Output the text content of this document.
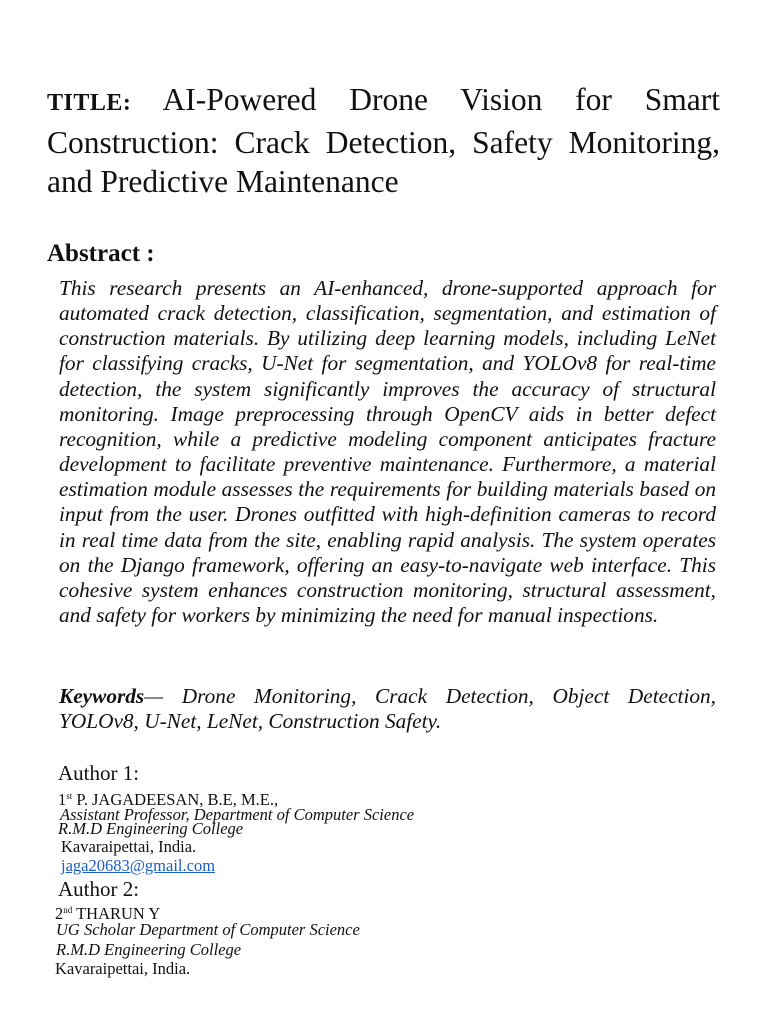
TITLE: AI-Powered Drone Vision for Smart Construction: Crack Detection, Safety Monitoring, and Predictive Maintenance
Abstract :
This research presents an AI-enhanced, drone-supported approach for automated crack detection, classification, segmentation, and estimation of construction materials. By utilizing deep learning models, including LeNet for classifying cracks, U-Net for segmentation, and YOLOv8 for real-time detection, the system significantly improves the accuracy of structural monitoring. Image preprocessing through OpenCV aids in better defect recognition, while a predictive modeling component anticipates fracture development to facilitate preventive maintenance. Furthermore, a material estimation module assesses the requirements for building materials based on input from the user. Drones outfitted with high-definition cameras to record in real time data from the site, enabling rapid analysis. The system operates on the Django framework, offering an easy-to-navigate web interface. This cohesive system enhances construction monitoring, structural assessment, and safety for workers by minimizing the need for manual inspections.
Keywords— Drone Monitoring, Crack Detection, Object Detection, YOLOv8, U-Net, LeNet, Construction Safety.
Author 1:
1st P. JAGADEESAN, B.E, M.E.,
Assistant Professor, Department of Computer Science
R.M.D Engineering College
Kavaraipettai, India.
jaga20683@gmail.com
Author 2:
2nd THARUN Y
UG Scholar Department of Computer Science
R.M.D Engineering College
Kavaraipettai, India.
